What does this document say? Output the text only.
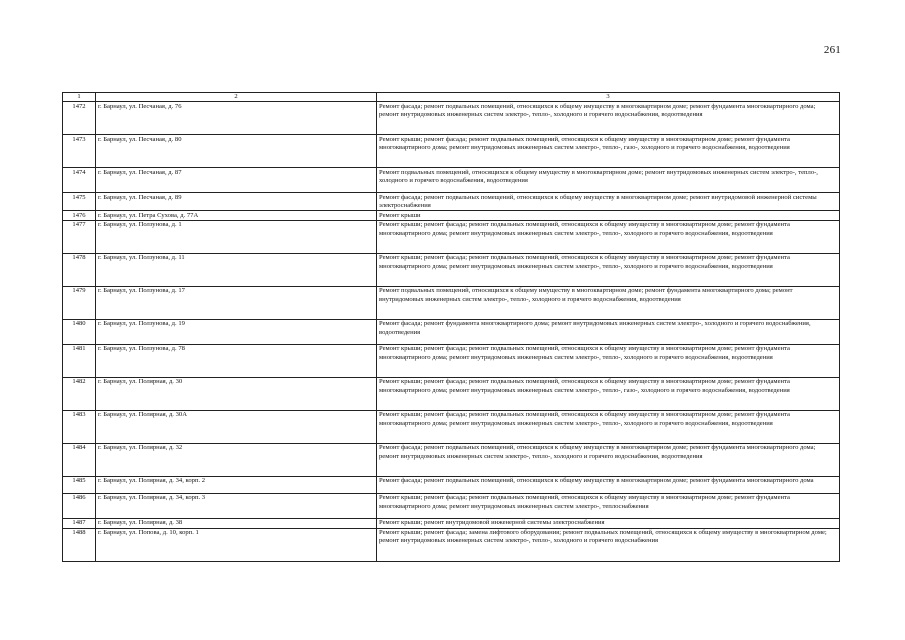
261
1	2	3
1472	г. Барнаул, ул. Песчаная, д. 76	Ремонт фасада; ремонт подвальных помещений, относящихся к общему имуществу в многоквартирном доме; ремонт фундамента многоквартирного дома; ремонт внутридомовых инженерных систем электро-, тепло-, холодного и горячего водоснабжения, водоотведения
1473	г. Барнаул, ул. Песчаная, д. 80	Ремонт крыши; ремонт фасада; ремонт подвальных помещений, относящихся к общему имуществу в многоквартирном доме; ремонт фундамента многоквартирного дома; ремонт внутридомовых инженерных систем электро-, тепло-, газо-, холодного и горячего водоснабжения, водоотведения
1474	г. Барнаул, ул. Песчаная, д. 87	Ремонт подвальных помещений, относящихся к общему имуществу в многоквартирном доме; ремонт внутридомовых инженерных систем электро-, тепло-, холодного и горячего водоснабжения, водоотведения
1475	г. Барнаул, ул. Песчаная, д. 89	Ремонт фасада; ремонт подвальных помещений, относящихся к общему имуществу в многоквартирном доме; ремонт внутридомовой инженерной системы электроснабжения
1476	г. Барнаул, ул. Петра Сухова, д. 77А	Ремонт крыши
1477	г. Барнаул, ул. Ползунова, д. 1	Ремонт крыши; ремонт фасада; ремонт подвальных помещений, относящихся к общему имуществу в многоквартирном доме; ремонт фундамента многоквартирного дома; ремонт внутридомовых инженерных систем электро-, тепло-, холодного и горячего водоснабжения, водоотведения
1478	г. Барнаул, ул. Ползунова, д. 11	Ремонт крыши; ремонт фасада; ремонт подвальных помещений, относящихся к общему имуществу в многоквартирном доме; ремонт фундамента многоквартирного дома; ремонт внутридомовых инженерных систем электро-, тепло-, холодного и горячего водоснабжения, водоотведения
1479	г. Барнаул, ул. Ползунова, д. 17	Ремонт подвальных помещений, относящихся к общему имуществу в многоквартирном доме; ремонт фундамента многоквартирного дома; ремонт внутридомовых инженерных систем электро-, тепло-, холодного и горячего водоснабжения, водоотведения
1480	г. Барнаул, ул. Ползунова, д. 19	Ремонт фасада; ремонт фундамента многоквартирного дома; ремонт внутридомовых инженерных систем электро-, холодного и горячего водоснабжения, водоотведения
1481	г. Барнаул, ул. Ползунова, д. 78	Ремонт крыши; ремонт фасада; ремонт подвальных помещений, относящихся к общему имуществу в многоквартирном доме; ремонт фундамента многоквартирного дома; ремонт внутридомовых инженерных систем электро-, тепло-, холодного и горячего водоснабжения, водоотведения
1482	г. Барнаул, ул. Полярная, д. 30	Ремонт крыши; ремонт фасада; ремонт подвальных помещений, относящихся к общему имуществу в многоквартирном доме; ремонт фундамента многоквартирного дома; ремонт внутридомовых инженерных систем электро-, тепло-, газо-, холодного и горячего водоснабжения, водоотведения
1483	г. Барнаул, ул. Полярная, д. 30А	Ремонт крыши; ремонт фасада; ремонт подвальных помещений, относящихся к общему имуществу в многоквартирном доме; ремонт фундамента многоквартирного дома; ремонт внутридомовых инженерных систем электро-, тепло-, холодного и горячего водоснабжения, водоотведения
1484	г. Барнаул, ул. Полярная, д. 32	Ремонт фасада; ремонт подвальных помещений, относящихся к общему имуществу в многоквартирном доме; ремонт фундамента многоквартирного дома; ремонт внутридомовых инженерных систем электро-, тепло-, холодного и горячего водоснабжения, водоотведения
1485	г. Барнаул, ул. Полярная, д. 34, корп. 2	Ремонт фасада; ремонт подвальных помещений, относящихся к общему имуществу в многоквартирном доме; ремонт фундамента многоквартирного дома
1486	г. Барнаул, ул. Полярная, д. 34, корп. 3	Ремонт крыши; ремонт фасада; ремонт подвальных помещений, относящихся к общему имуществу в многоквартирном доме; ремонт фундамента многоквартирного дома; ремонт внутридомовых инженерных систем электро-, теплоснабжения
1487	г. Барнаул, ул. Полярная, д. 38	Ремонт крыши; ремонт внутридомовой инженерной системы электроснабжения
1488	г. Барнаул, ул. Попова, д. 10, корп. 1	Ремонт крыши; ремонт фасада; замена лифтового оборудования; ремонт подвальных помещений, относящихся к общему имуществу в многоквартирном доме; ремонт внутридомовых инженерных систем электро-, тепло-, холодного и горячего водоснабжения
